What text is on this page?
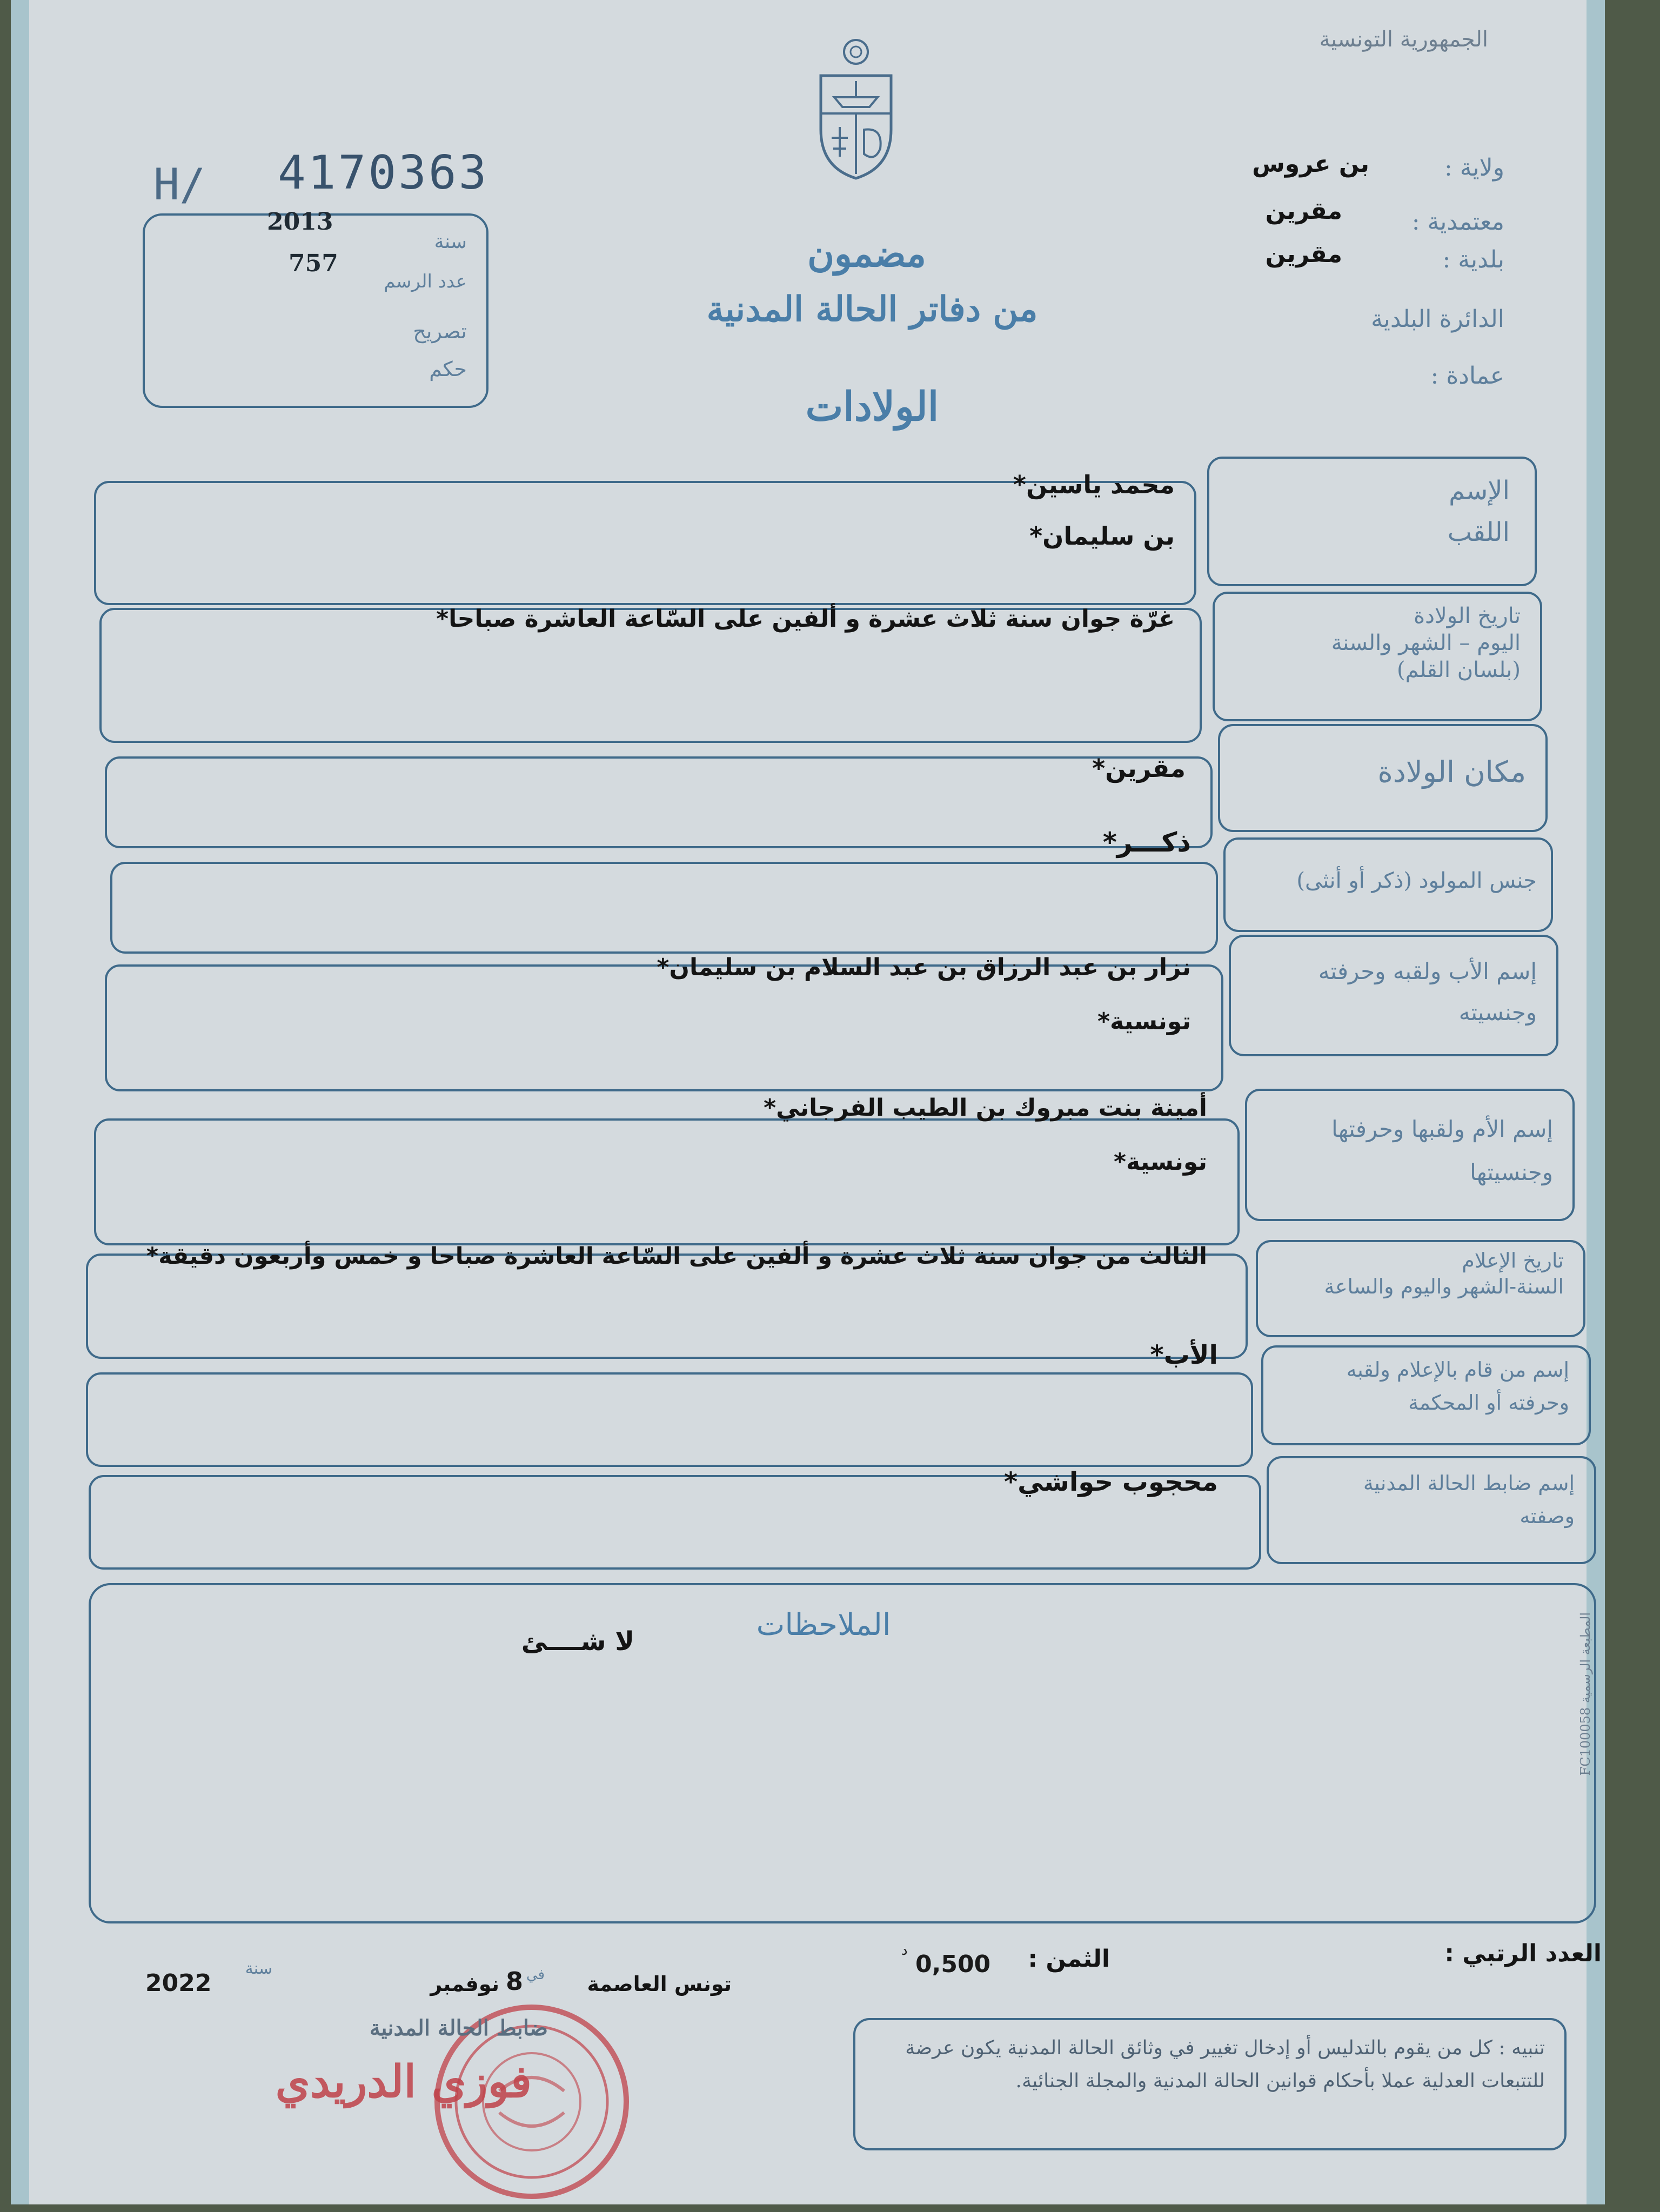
الجمهورية التونسية
H/ 4170363
2013
سنة
757
عدد الرسم
تصريح
حكم
مضمون
من دفاتر الحالة المدنية
الولادات
ولاية :
بن عروس
معتمدية :
مقرين
بلدية :
مقرين
الدائرة البلدية
عمادة :
الإسم
اللقب
محمد ياسين*
بن سليمان*
تاريخ الولادة
اليوم – الشهر والسنة
(بلسان القلم)
غرّة جوان سنة ثلاث عشرة و ألفين على السّاعة العاشرة صباحا*
مكان الولادة
مقرين*
جنس المولود (ذكر أو أنثى)
ذكـــر*
إسم الأب ولقبه وحرفته
وجنسيته
نزار بن عبد الرزاق بن عبد السلام بن سليمان*
تونسية*
إسم الأم ولقبها وحرفتها
وجنسيتها
أمينة بنت مبروك بن الطيب الفرجاني*
تونسية*
تاريخ الإعلام
السنة-الشهر واليوم والساعة
الثالث من جوان سنة ثلاث عشرة و ألفين على السّاعة العاشرة صباحا و خمس وأربعون دقيقة*
إسم من قام بالإعلام ولقبه
وحرفته أو المحكمة
الأب*
إسم ضابط الحالة المدنية
وصفته
محجوب حواشي*
الملاحظات
لا شــــئ
المطبعة الرسمية FC100058
العدد الرتبي :
الثمن :
0,500
د
تونس العاصمة
في
8
نوفمبر
سنة
2022
ضابط الحالة المدنية
فوزي الدريدي
تنبيه : كل من يقوم بالتدليس أو إدخال تغيير في وثائق الحالة المدنية يكون عرضة للتتبعات العدلية عملا بأحكام قوانين الحالة المدنية والمجلة الجنائية.
